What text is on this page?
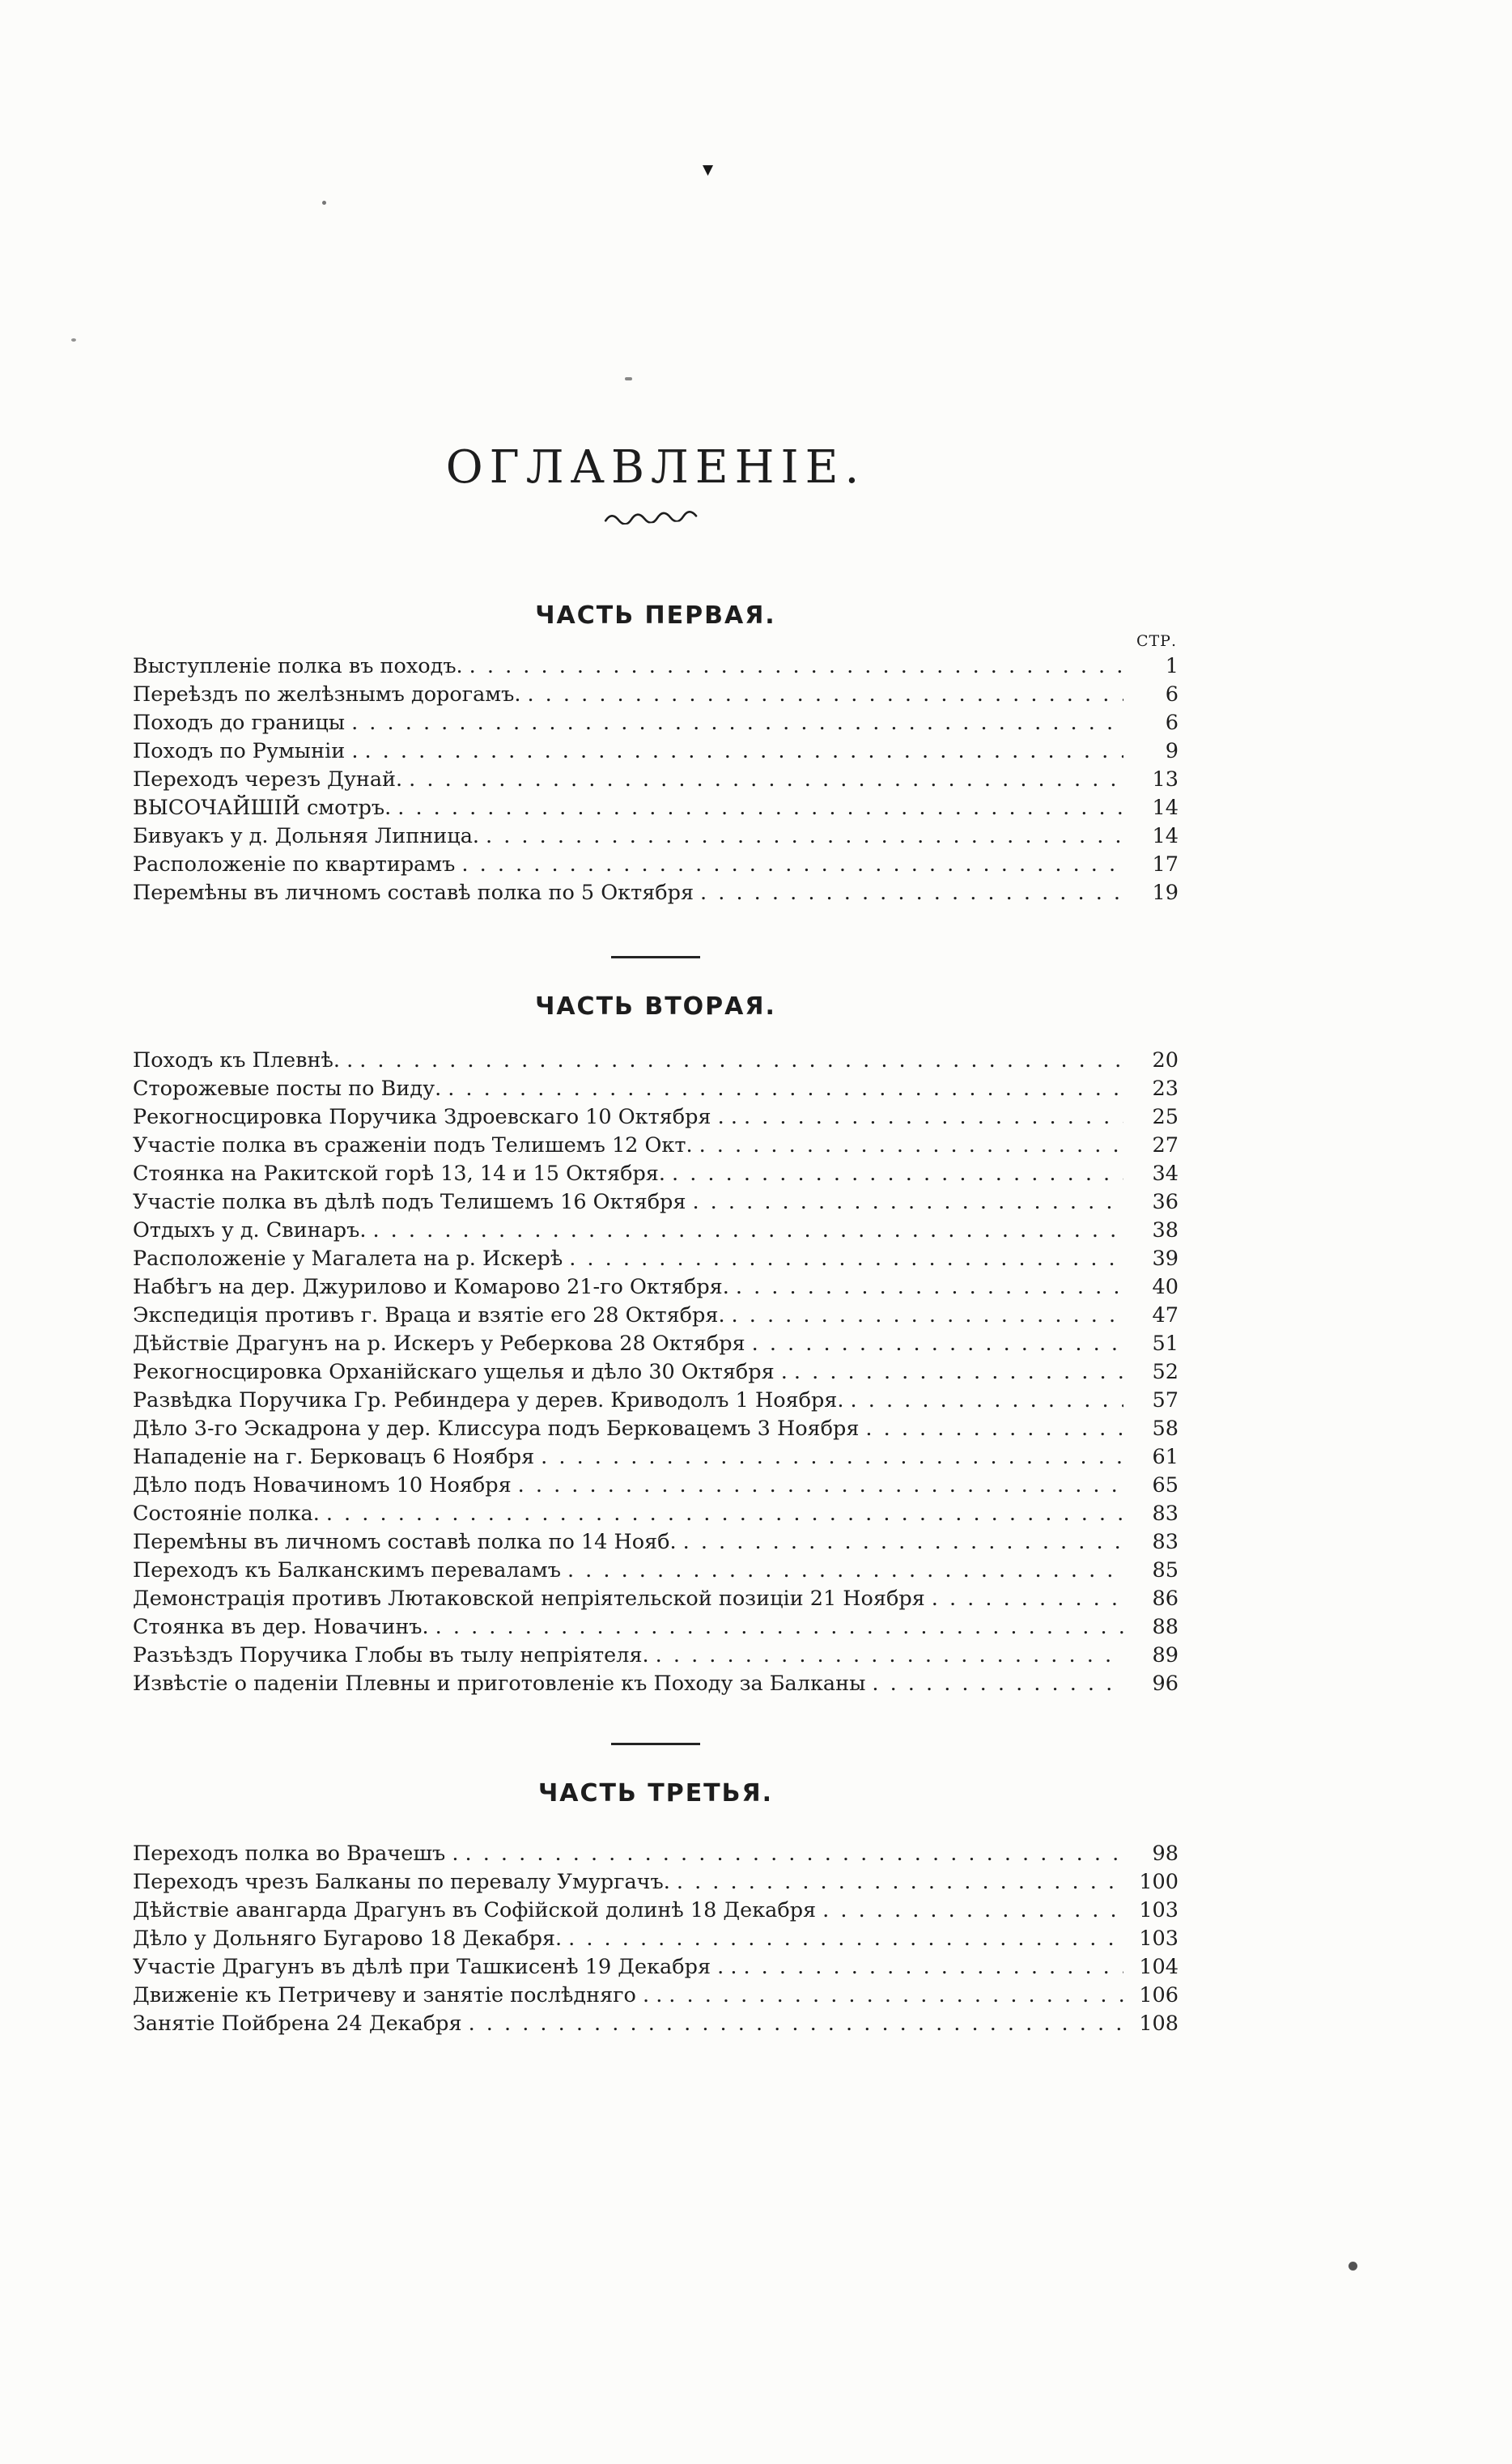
▼
ОГЛАВЛЕНІЕ.
ЧАСТЬ ПЕРВАЯ.
СТР.
Выступленіе полка въ походъ. . . .	1
Переѣздъ по желѣзнымъ дорогамъ. . . .	6
Походъ до границы . . .	6
Походъ по Румыніи . . . .	9
Переходъ черезъ Дунай. . . .	13
ВЫСОЧАЙШІЙ смотръ. . . .	14
Бивуакъ у д. Дольняя Липница. . . .	14
Расположеніе по квартирамъ . . .	17
Перемѣны въ личномъ составѣ полка по 5 Октября . . .	19
ЧАСТЬ ВТОРАЯ.
Походъ къ Плевнѣ. . . . .	20
Сторожевые посты по Виду. . . .	23
Рекогносцировка Поручика Здроевскаго 10 Октября . . . . .	25
Участіе полка въ сраженіи подъ Телишемъ 12 Окт. . . .	27
Стоянка на Ракитской горѣ 13, 14 и 15 Октября. . . .	34
Участіе полка въ дѣлѣ подъ Телишемъ 16 Октября . . .	36
Отдыхъ у д. Свинаръ. . . .	38
Расположеніе у Магалета на р. Искерѣ . . .	39
Набѣгъ на дер. Джурилово и Комарово 21-го Октября. . . .	40
Экспедиція противъ г. Враца и взятіе его 28 Октября. . . .	47
Дѣйствіе Драгунъ на р. Искеръ у Реберкова 28 Октября . . .	51
Рекогносцировка Орханійскаго ущелья и дѣло 30 Октября . . . .	52
Развѣдка Поручика Гр. Ребиндера у дерев. Криводолъ 1 Ноября. . . .	57
Дѣло 3-го Эскадрона у дер. Клиссура подъ Берковацемъ 3 Ноября . . .	58
Нападеніе на г. Берковацъ 6 Ноября . . .	61
Дѣло подъ Новачиномъ 10 Ноября . . .	65
Состояніе полка. . . .	83
Перемѣны въ личномъ составѣ полка по 14 Нояб. . . .	83
Переходъ къ Балканскимъ переваламъ . . .	85
Демонстрація противъ Лютаковской непріятельской позиціи 21 Ноября . . .	86
Стоянка въ дер. Новачинъ. . . .	88
Разъѣздъ Поручика Глобы въ тылу непріятеля. . . .	89
Извѣстіе о паденіи Плевны и приготовленіе къ Походу за Балканы . . .	96
ЧАСТЬ ТРЕТЬЯ.
Переходъ полка во Врачешъ . . . .	98
Переходъ чрезъ Балканы по перевалу Умургачъ. . . .	100
Дѣйствіе авангарда Драгунъ въ Софійской долинѣ 18 Декабря . . .	103
Дѣло у Дольняго Бугарово 18 Декабря. . . .	103
Участіе Драгунъ въ дѣлѣ при Ташкисенѣ 19 Декабря . . . . .	104
Движеніе къ Петричеву и занятіе послѣдняго . . . . .	106
Занятіе Пойбрена 24 Декабря . . .	108
